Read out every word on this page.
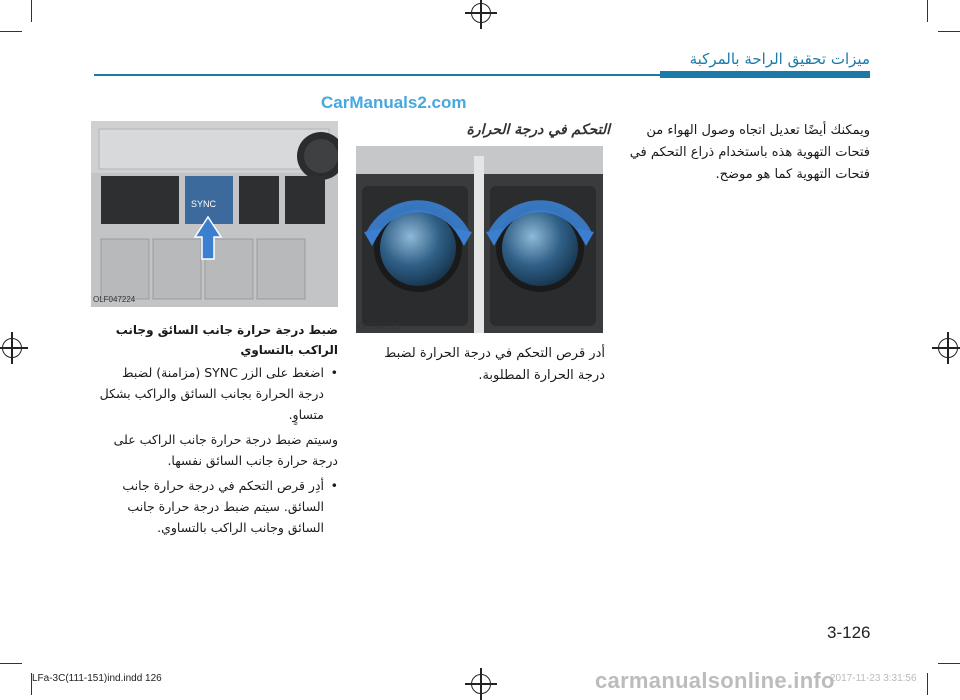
ميزات تحقيق الراحة بالمركبة
CarManuals2.com
ويمكنك أيضًا تعديل اتجاه وصول الهواء من فتحات التهوية هذه باستخدام ذراع التحكم في فتحات التهوية كما هو موضح.
التحكم في درجة الحرارة
OLF047223
أدر قرص التحكم في درجة الحرارة لضبط درجة الحرارة المطلوبة.
SYNC
OLF047224
ضبط درجة حرارة جانب السائق وجانب الراكب بالتساوي
•
اضغط على الزر SYNC (مزامنة) لضبط درجة الحرارة بجانب السائق والراكب بشكل متساوٍ.
وسيتم ضبط درجة حرارة جانب الراكب على درجة حرارة جانب السائق نفسها.
•
أدِر قرص التحكم في درجة حرارة جانب السائق. سيتم ضبط درجة حرارة جانب السائق وجانب الراكب بالتساوي.
3-126
LFa-3C(111-151)ind.indd 126	carmanualsonline.info
2017-11-23 3:31:56
